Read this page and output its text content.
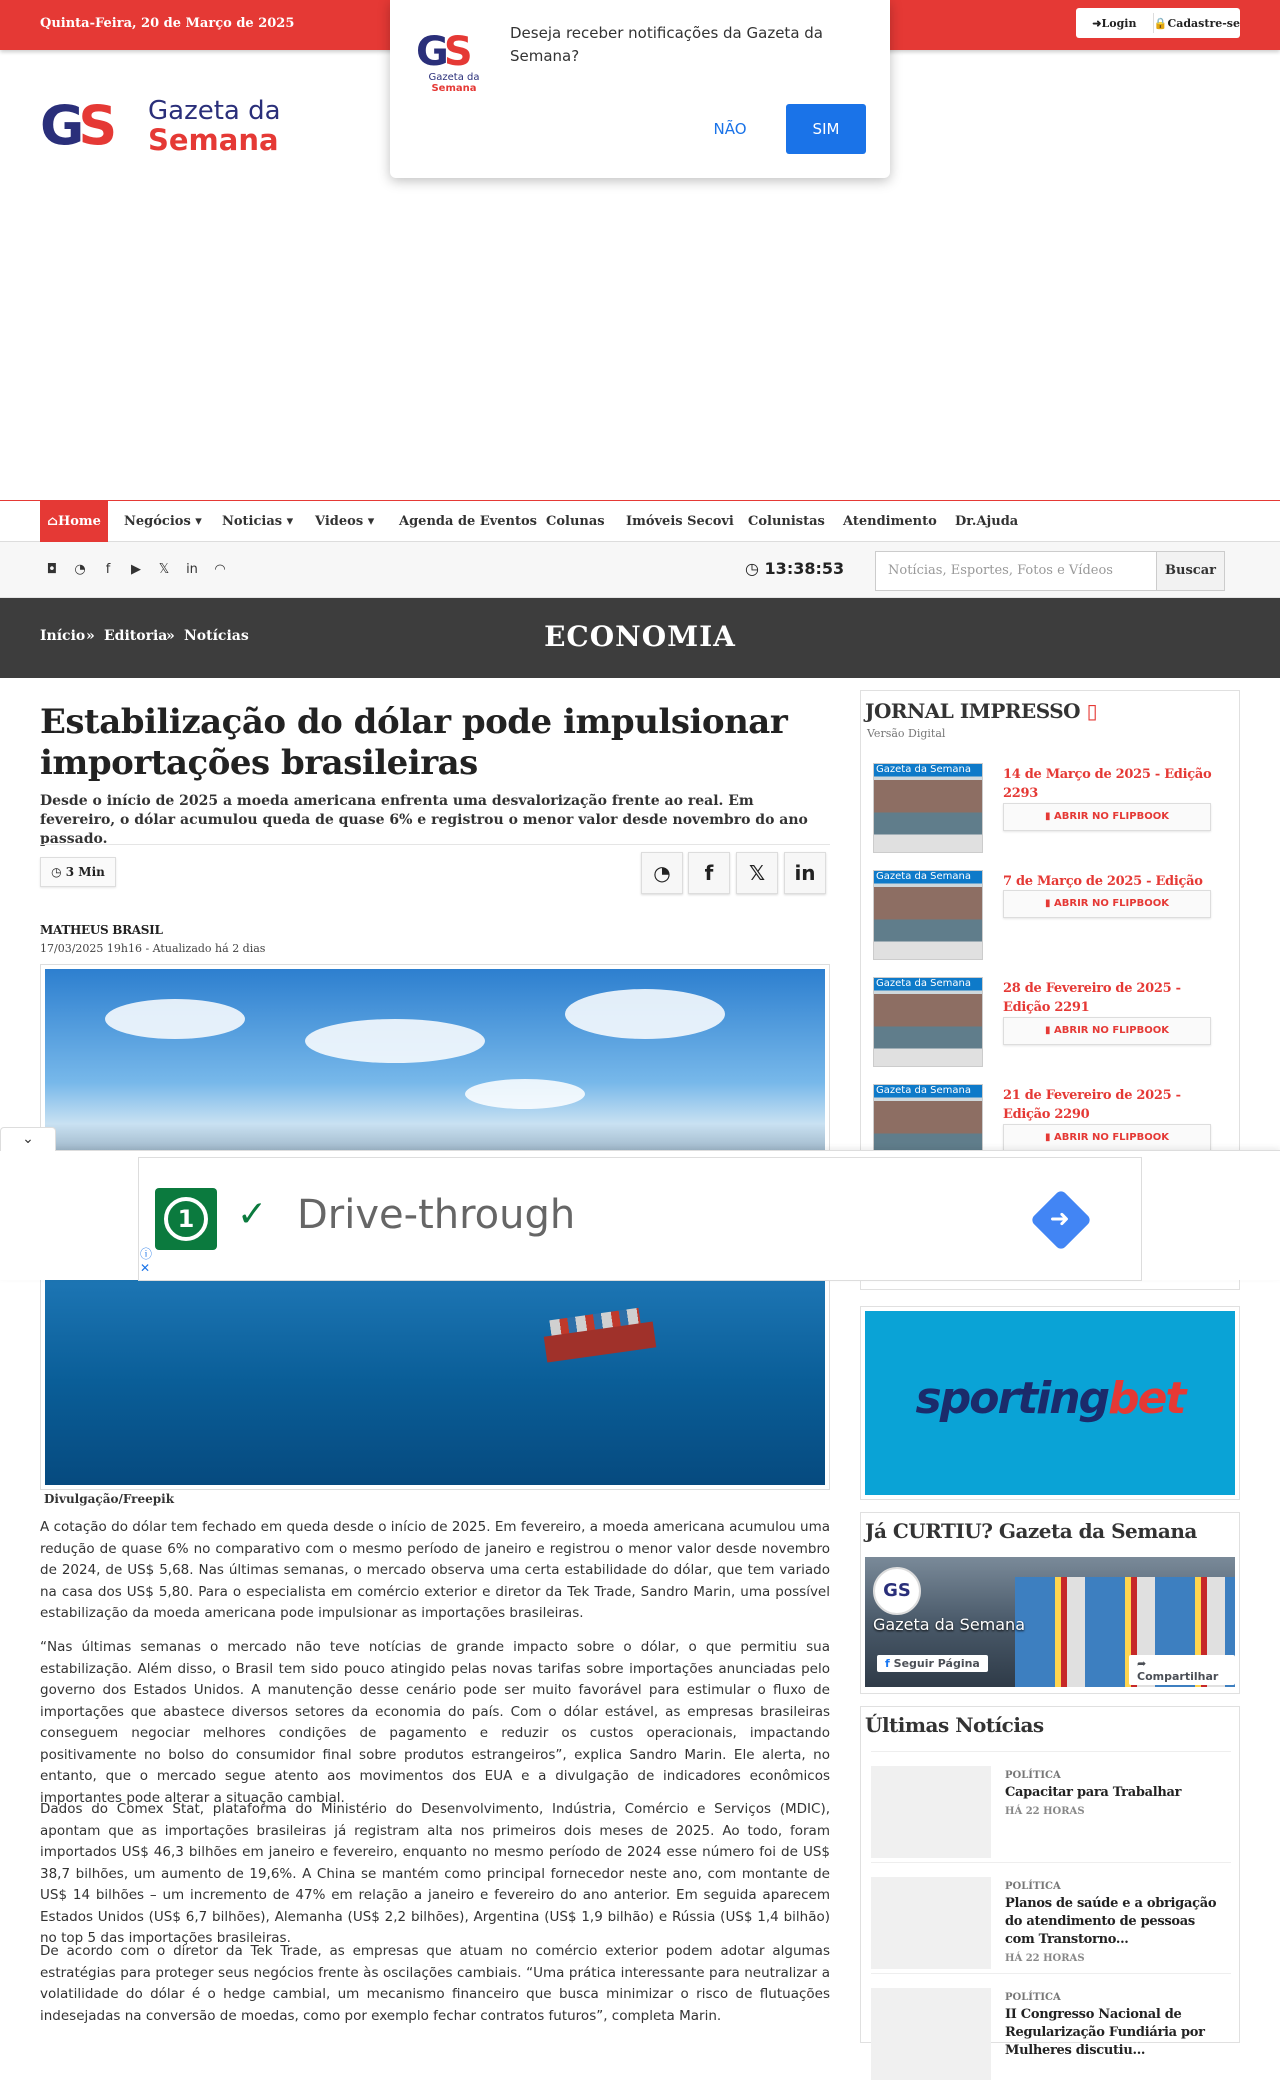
Quinta-Feira, 20 de Março de 2025	➜Login	🔒Cadastre-se
GS Gazeta da
Semana
GS
Gazeta da
Semana
Deseja receber notificações da Gazeta da Semana?
NÃO	SIM
⌂Home	Negócios ▾ Noticias ▾ Videos ▾ Agenda de Eventos Colunas Imóveis Secovi Colunistas Atendimento Dr.Ajuda
◘ ◔	f	▶ 𝕏 in ◠	◷ 13:38:53	Notícias, Esportes, Fotos e Vídeos	Buscar
ECONOMIA
Início » Editoria
» Notícias
Estabilização do dólar pode impulsionar importações brasileiras
Desde o início de 2025 a moeda americana enfrenta uma desvalorização frente ao real. Em fevereiro, o dólar acumulou queda de quase 6% e registrou o menor valor desde novembro do ano passado.
◷ 3 Min	◔	f	𝕏	in
MATHEUS BRASIL
17/03/2025 19h16 - Atualizado há 2 dias
Divulgação/Freepik

A cotação do dólar tem fechado em queda desde o início de 2025. Em fevereiro, a moeda americana acumulou uma redução de quase 6% no comparativo com o mesmo período de janeiro e registrou o menor valor desde novembro de 2024, de US$ 5,68. Nas últimas semanas, o mercado observa uma certa estabilidade do dólar, que tem variado na casa dos US$ 5,80. Para o especialista em comércio exterior e diretor da Tek Trade, Sandro Marin, uma possível estabilização da moeda americana pode impulsionar as importações brasileiras.

“Nas últimas semanas o mercado não teve notícias de grande impacto sobre o dólar, o que permitiu sua estabilização. Além disso, o Brasil tem sido pouco atingido pelas novas tarifas sobre importações anunciadas pelo governo dos Estados Unidos. A manutenção desse cenário pode ser muito favorável para estimular o fluxo de importações que abastece diversos setores da economia do país. Com o dólar estável, as empresas brasileiras conseguem negociar melhores condições de pagamento e reduzir os custos operacionais, impactando positivamente no bolso do consumidor final sobre produtos estrangeiros”, explica Sandro Marin. Ele alerta, no entanto, que o mercado segue atento aos movimentos dos EUA e a divulgação de indicadores econômicos importantes pode alterar a situação cambial.

Dados do Comex Stat, plataforma do Ministério do Desenvolvimento, Indústria, Comércio e Serviços (MDIC), apontam que as importações brasileiras já registram alta nos primeiros dois meses de 2025. Ao todo, foram importados US$ 46,3 bilhões em janeiro e fevereiro, enquanto no mesmo período de 2024 esse número foi de US$ 38,7 bilhões, um aumento de 19,6%. A China se mantém como principal fornecedor neste ano, com montante de US$ 14 bilhões – um incremento de 47% em relação a janeiro e fevereiro do ano anterior. Em seguida aparecem Estados Unidos (US$ 6,7 bilhões), Alemanha (US$ 2,2 bilhões), Argentina (US$ 1,9 bilhão) e Rússia (US$ 1,4 bilhão) no top 5 das importações brasileiras.

De acordo com o diretor da Tek Trade, as empresas que atuam no comércio exterior podem adotar algumas estratégias para proteger seus negócios frente às oscilações cambiais. “Uma prática interessante para neutralizar a volatilidade do dólar é o hedge cambial, um mecanismo financeiro que busca minimizar o risco de flutuações indesejadas na conversão de moedas, como por exemplo fechar contratos futuros”, completa Marin.

JORNAL IMPRESSO ▯
Versão Digital
Gazeta da Semana 14 de Março de 2025 - Edição 2293
▮ ABRIR NO FLIPBOOK
Gazeta da Semana 7 de Março de 2025 - Edição
▮ ABRIR NO FLIPBOOK
Gazeta da Semana 28 de Fevereiro de 2025 - Edição 2291
▮ ABRIR NO FLIPBOOK
Gazeta da Semana 21 de Fevereiro de 2025 - Edição 2290
▮ ABRIR NO FLIPBOOK
sportingbet
Já CURTIU? Gazeta da Semana
GS
Gazeta da Semana
f Seguir Página	➦ Compartilhar
Últimas Notícias
POLÍTICA
Capacitar para Trabalhar
HÁ 22 HORAS
POLÍTICA
Planos de saúde e a obrigação do atendimento de pessoas com Transtorno...
HÁ 22 HORAS
POLÍTICA
II Congresso Nacional de Regularização Fundiária por Mulheres discutiu...
⌄
1	✓ Drive-through	➜
ⓘ
✕
